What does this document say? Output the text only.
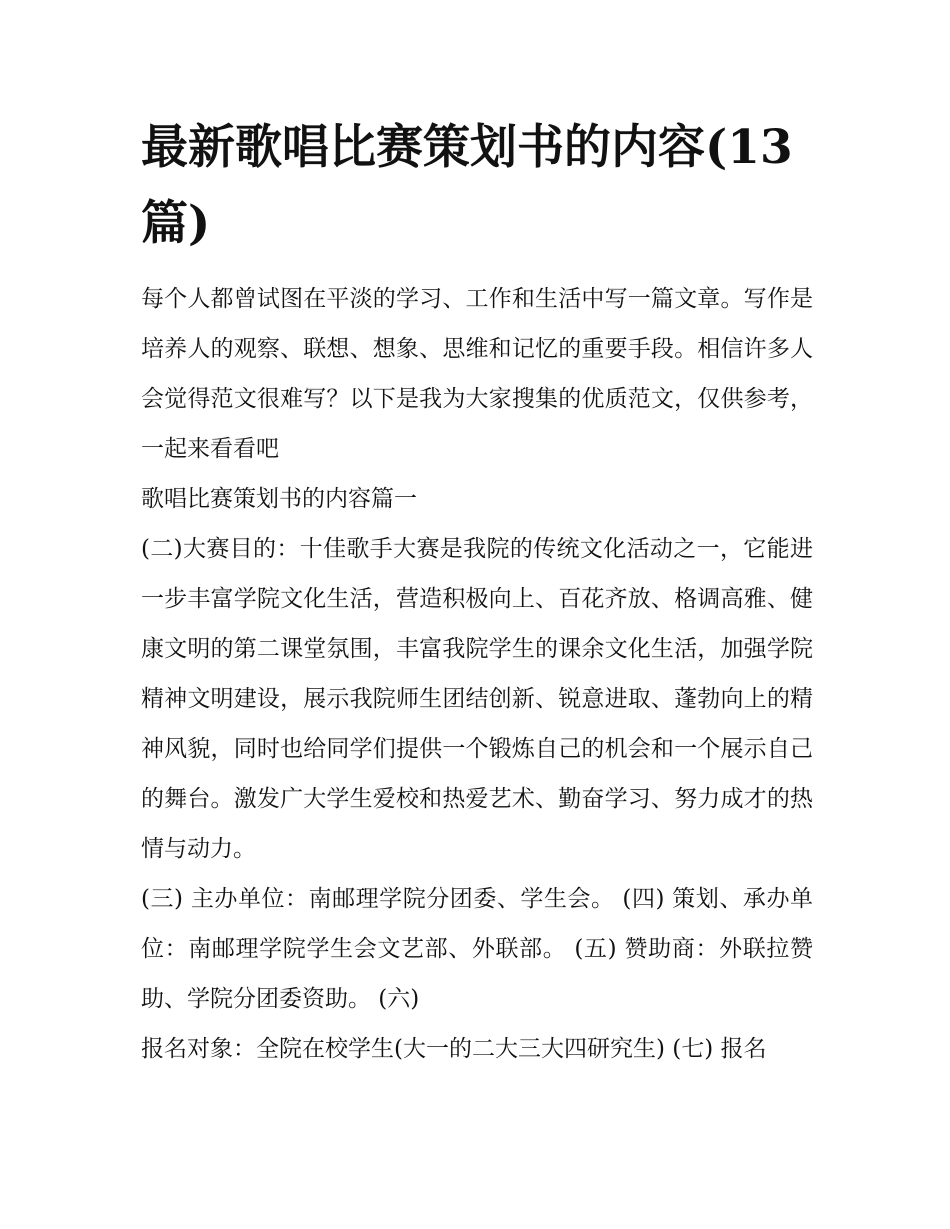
最新歌唱比赛策划书的内容(13篇)

每个人都曾试图在平淡的学习、工作和生活中写一篇文章。写作是培养人的观察、联想、想象、思维和记忆的重要手段。相信许多人会觉得范文很难写？以下是我为大家搜集的优质范文，仅供参考，一起来看看吧

歌唱比赛策划书的内容篇一

(二)大赛目的：十佳歌手大赛是我院的传统文化活动之一，它能进一步丰富学院文化生活，营造积极向上、百花齐放、格调高雅、健康文明的第二课堂氛围，丰富我院学生的课余文化生活，加强学院精神文明建设，展示我院师生团结创新、锐意进取、蓬勃向上的精神风貌，同时也给同学们提供一个锻炼自己的机会和一个展示自己的舞台。激发广大学生爱校和热爱艺术、勤奋学习、努力成才的热情与动力。

(三) 主办单位：南邮理学院分团委、学生会。 (四) 策划、承办单位：南邮理学院学生会文艺部、外联部。 (五) 赞助商：外联拉赞助、学院分团委资助。 (六)

报名对象：全院在校学生(大一的二大三大四研究生) (七) 报名
